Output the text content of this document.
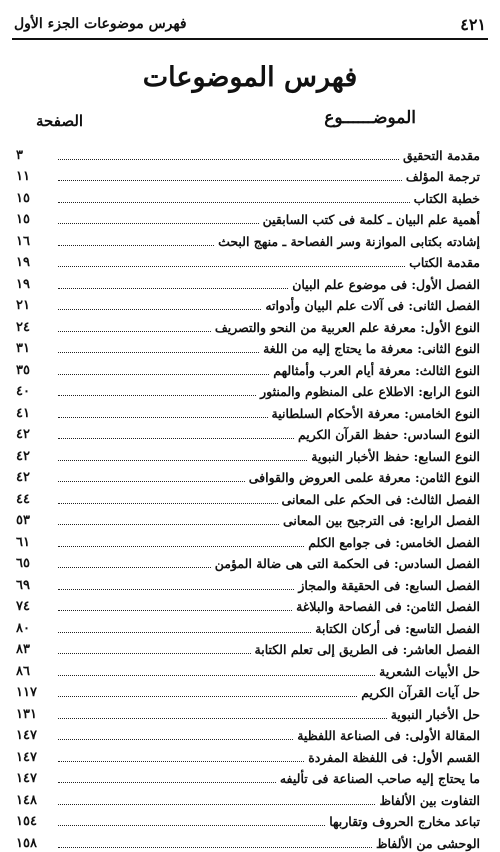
فهرس موضوعات الجزء الأول	٤٢١
فهرس الموضوعات
الموضــــــوع
الصفحة
مقدمة التحقيق
٣
ترجمة المؤلف
١١
خطبة الكتاب
١٥
أهمية علم البيان ـ كلمة فى كتب السابقين
١٥
إشادته بكتابى الموازنة وسر الفصاحة ـ منهج البحث
١٦
مقدمة الكتاب
١٩
الفصل الأول: فى موضوع علم البيان
١٩
الفصل الثانى: فى آلات علم البيان وأدواته
٢١
النوع الأول: معرفة علم العربية من النحو والتصريف
٢٤
النوع الثانى: معرفة ما يحتاج إليه من اللغة
٣١
النوع الثالث: معرفة أيام العرب وأمثالهم
٣٥
النوع الرابع: الاطلاع على المنظوم والمنثور
٤٠
النوع الخامس: معرفة الأحكام السلطانية
٤١
النوع السادس: حفظ القرآن الكريم
٤٢
النوع السابع: حفظ الأخبار النبوية
٤٢
النوع الثامن: معرفة علمى العروض والقوافى
٤٢
الفصل الثالث: فى الحكم على المعانى
٤٤
الفصل الرابع: فى الترجيح بين المعانى
٥٣
الفصل الخامس: فى جوامع الكلم
٦١
الفصل السادس: فى الحكمة التى هى ضالة المؤمن
٦٥
الفصل السابع: فى الحقيقة والمجاز
٦٩
الفصل الثامن: فى الفصاحة والبلاغة
٧٤
الفصل التاسع: فى أركان الكتابة
٨٠
الفصل العاشر: فى الطريق إلى تعلم الكتابة
٨٣
حل الأبيات الشعرية
٨٦
حل آيات القرآن الكريم
١١٧
حل الأخبار النبوية
١٣١
المقالة الأولى: فى الصناعة اللفظية
١٤٧
القسم الأول: فى اللفظة المفردة
١٤٧
ما يحتاج إليه صاحب الصناعة فى تأليفه
١٤٧
التفاوت بين الألفاظ
١٤٨
تباعد مخارج الحروف وتقاربها
١٥٤
الوحشى من الألفاظ
١٥٨
